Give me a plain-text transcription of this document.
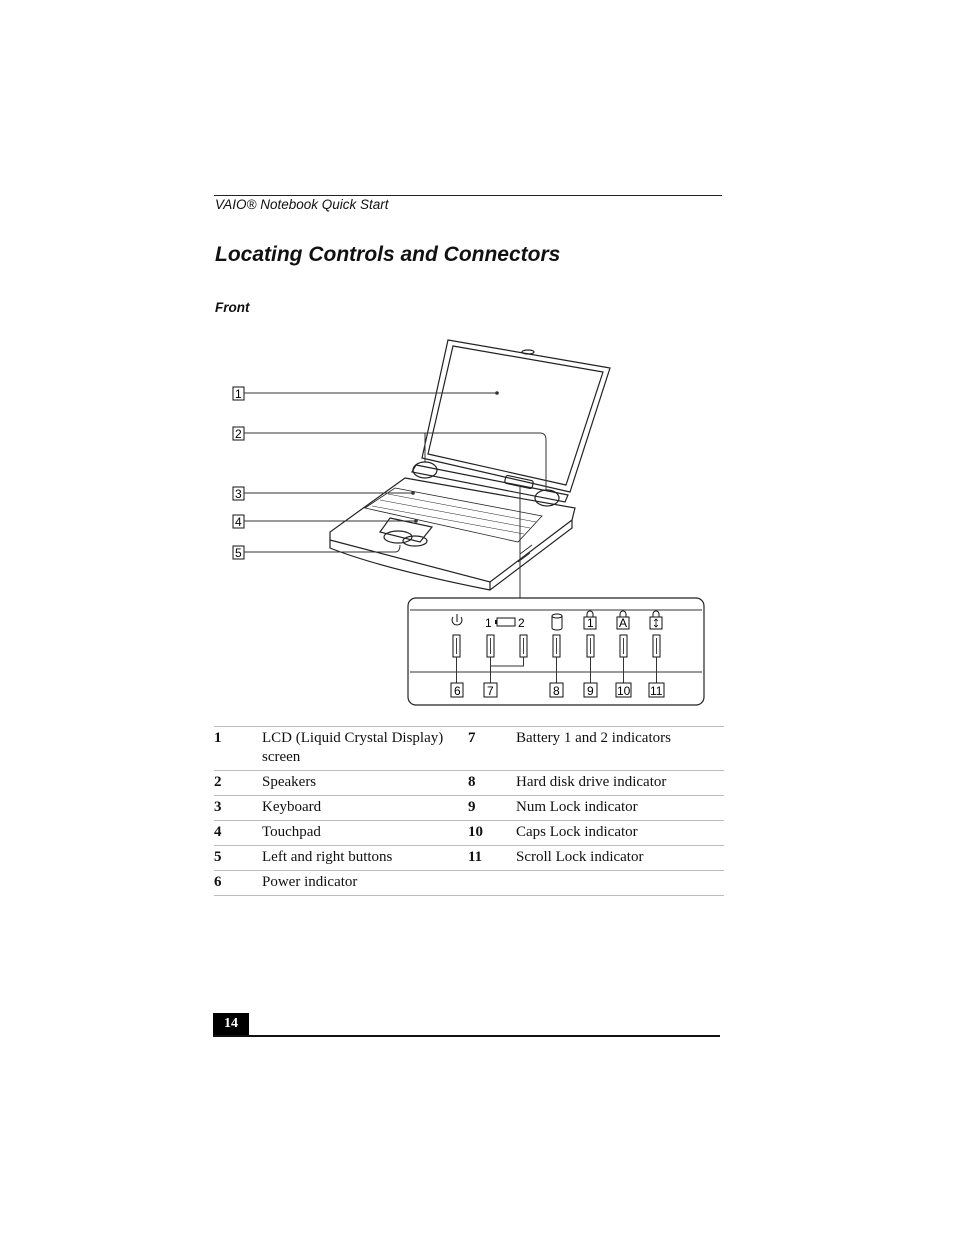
VAIO® Notebook Quick Start
Locating Controls and Connectors
Front
1
2
3
4
5
1 2	1 A
6 7	8 9 10 11
1	LCD (Liquid Crystal Display) screen	7	Battery 1 and 2 indicators
2	Speakers	8	Hard disk drive indicator
3	Keyboard	9	Num Lock indicator
4	Touchpad	10	Caps Lock indicator
5	Left and right buttons	11	Scroll Lock indicator
6	Power indicator		
14
